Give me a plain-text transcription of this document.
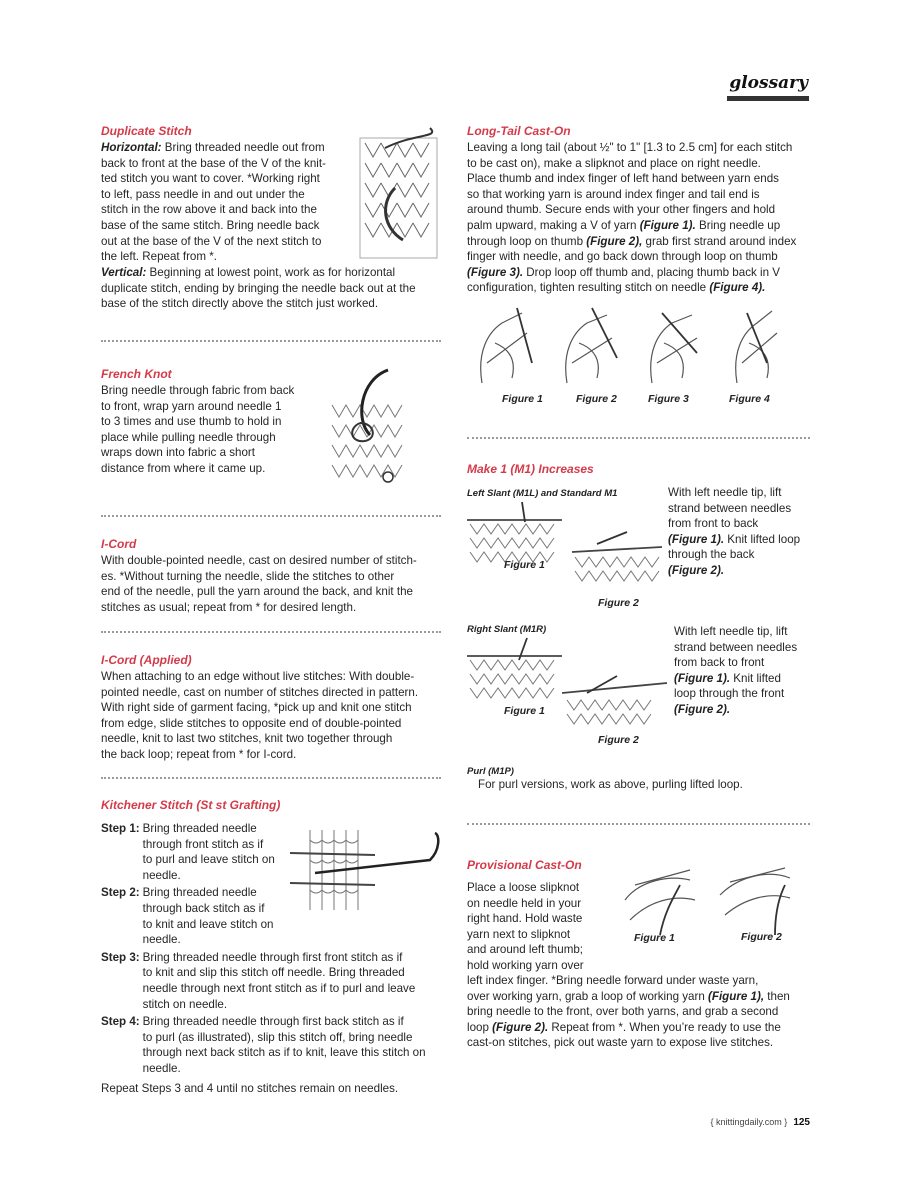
glossary
Duplicate Stitch
Horizontal: Bring threaded needle out from
back to front at the base of the V of the knit-
ted stitch you want to cover. *Working right
to left, pass needle in and out under the
stitch in the row above it and back into the
base of the same stitch. Bring needle back
out at the base of the V of the next stitch to
the left. Repeat from *.
Vertical: Beginning at lowest point, work as for horizontal
duplicate stitch, ending by bringing the needle back out at the
base of the stitch directly above the stitch just worked.
French Knot
Bring needle through fabric from back
to front, wrap yarn around needle 1
to 3 times and use thumb to hold in
place while pulling needle through
wraps down into fabric a short
distance from where it came up.
I-Cord
With double-pointed needle, cast on desired number of stitch-
es. *Without turning the needle, slide the stitches to other
end of the needle, pull the yarn around the back, and knit the
stitches as usual; repeat from * for desired length.
I-Cord (Applied)
When attaching to an edge without live stitches: With double-
pointed needle, cast on number of stitches directed in pattern.
With right side of garment facing, *pick up and knit one stitch
from edge, slide stitches to opposite end of double-pointed
needle, knit to last two stitches, knit two together through
the back loop; repeat from * for I-cord.
Kitchener Stitch (St st Grafting)
Step 1: Bring threaded needle
through front stitch as if
to purl and leave stitch on
needle.
Step 2: Bring threaded needle
through back stitch as if
to knit and leave stitch on
needle.
Step 3: Bring threaded needle through first front stitch as if
to knit and slip this stitch off needle. Bring threaded
needle through next front stitch as if to purl and leave
stitch on needle.
Step 4: Bring threaded needle through first back stitch as if
to purl (as illustrated), slip this stitch off, bring needle
through next back stitch as if to knit, leave this stitch on
needle.
Repeat Steps 3 and 4 until no stitches remain on needles.
Long-Tail Cast-On
Leaving a long tail (about ½" to 1" [1.3 to 2.5 cm] for each stitch
to be cast on), make a slipknot and place on right needle.
Place thumb and index finger of left hand between yarn ends
so that working yarn is around index finger and tail end is
around thumb. Secure ends with your other fingers and hold
palm upward, making a V of yarn (Figure 1). Bring needle up
through loop on thumb (Figure 2), grab first strand around index
finger with needle, and go back down through loop on thumb
(Figure 3). Drop loop off thumb and, placing thumb back in V
configuration, tighten resulting stitch on needle (Figure 4).
Figure 1	Figure 2	Figure 3	Figure 4
Make 1 (M1) Increases
Left Slant (M1L) and Standard M1	With left needle tip, lift
strand between needles
from front to back
(Figure 1). Knit lifted loop
through the back
(Figure 2).
Figure 1
Figure 2
Right Slant (M1R)	With left needle tip, lift
strand between needles
from back to front
(Figure 1). Knit lifted
loop through the front
(Figure 2).
Figure 1
Figure 2
Purl (M1P)
For purl versions, work as above, purling lifted loop.
Provisional Cast-On
Place a loose slipknot
on needle held in your
right hand. Hold waste
yarn next to slipknot
and around left thumb;
hold working yarn over
left index finger. *Bring needle forward under waste yarn,
over working yarn, grab a loop of working yarn (Figure 1), then
bring needle to the front, over both yarns, and grab a second
loop (Figure 2). Repeat from *. When you’re ready to use the
cast-on stitches, pick out waste yarn to expose live stitches.
Figure 1	Figure 2
{ knittingdaily.com } 125
